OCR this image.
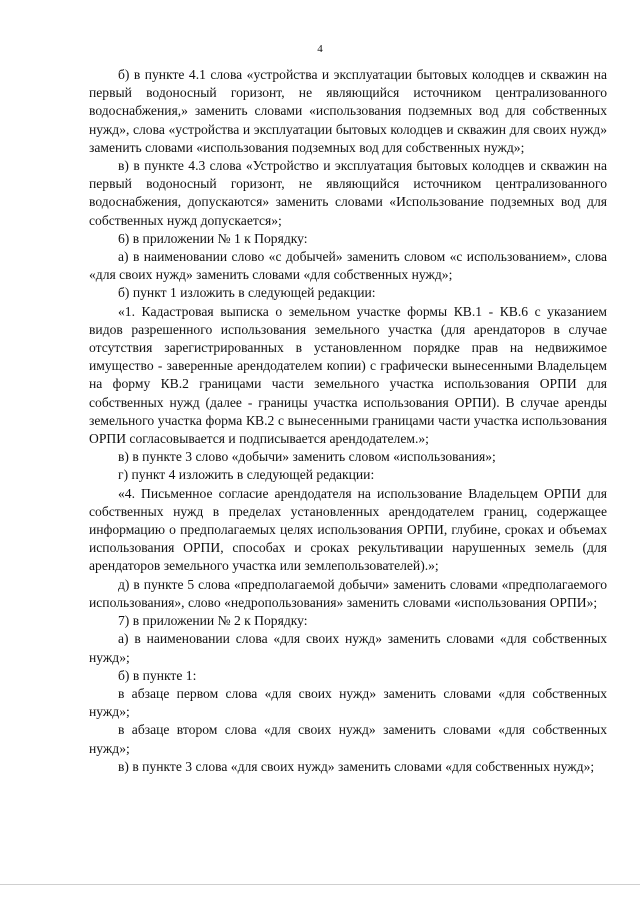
4

б) в пункте 4.1 слова «устройства и эксплуатации бытовых колодцев и скважин на первый водоносный горизонт, не являющийся источником централизованного водоснабжения,» заменить словами «использования подземных вод для собственных нужд», слова «устройства и эксплуатации бытовых колодцев и скважин для своих нужд» заменить словами «использования подземных вод для собственных нужд»;

в) в пункте 4.3 слова «Устройство и эксплуатация бытовых колодцев и скважин на первый водоносный горизонт, не являющийся источником централизованного водоснабжения, допускаются» заменить словами «Использование подземных вод для собственных нужд допускается»;

6) в приложении № 1 к Порядку:

а) в наименовании слово «с добычей» заменить словом «с использованием», слова «для своих нужд» заменить словами «для собственных нужд»;

б) пункт 1 изложить в следующей редакции:

«1. Кадастровая выписка о земельном участке формы КВ.1 - КВ.6 с указанием видов разрешенного использования земельного участка (для арендаторов в случае отсутствия зарегистрированных в установленном порядке прав на недвижимое имущество - заверенные арендодателем копии) с графически вынесенными Владельцем на форму КВ.2 границами части земельного участка использования ОРПИ для собственных нужд (далее - границы участка использования ОРПИ). В случае аренды земельного участка форма КВ.2 с вынесенными границами части участка использования ОРПИ согласовывается и подписывается арендодателем.»;

в) в пункте 3 слово «добычи» заменить словом «использования»;

г) пункт 4 изложить в следующей редакции:

«4. Письменное согласие арендодателя на использование Владельцем ОРПИ для собственных нужд в пределах установленных арендодателем границ, содержащее информацию о предполагаемых целях использования ОРПИ, глубине, сроках и объемах использования ОРПИ, способах и сроках рекультивации нарушенных земель (для арендаторов земельного участка или землепользователей).»;

д) в пункте 5 слова «предполагаемой добычи» заменить словами «предполагаемого использования», слово «недропользования» заменить словами «использования ОРПИ»;

7) в приложении № 2 к Порядку:

а) в наименовании слова «для своих нужд» заменить словами «для собственных нужд»;

б) в пункте 1:

в абзаце первом слова «для своих нужд» заменить словами «для собственных нужд»;

в абзаце втором слова «для своих нужд» заменить словами «для собственных нужд»;

в) в пункте 3 слова «для своих нужд» заменить словами «для собственных нужд»;
